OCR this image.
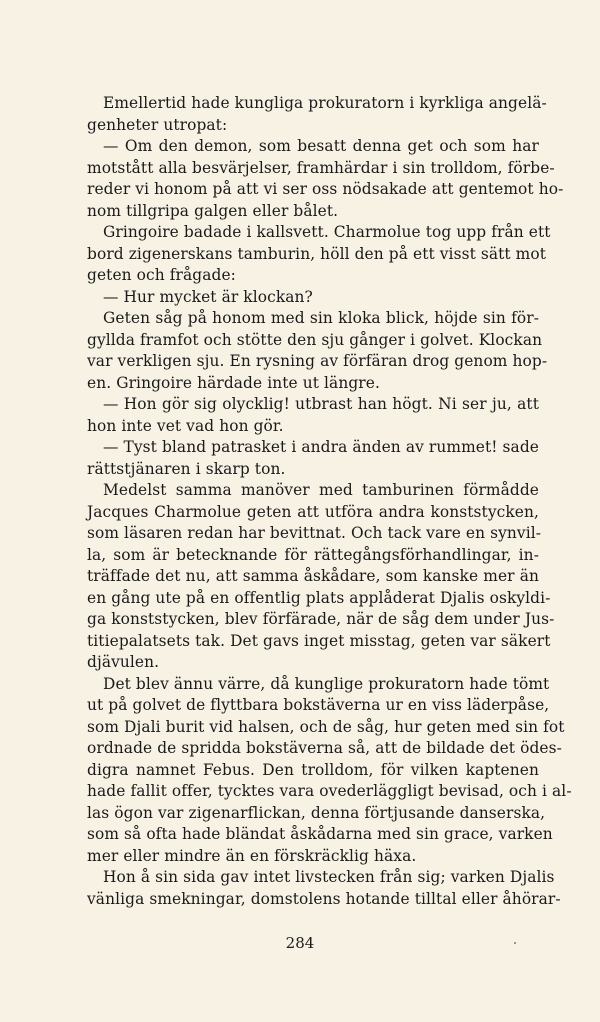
Emellertid hade kungliga prokuratorn i kyrkliga angelä-
genheter utropat:
— Om den demon, som besatt denna get och som har
motstått alla besvärjelser, framhärdar i sin trolldom, förbe-
reder vi honom på att vi ser oss nödsakade att gentemot ho-
nom tillgripa galgen eller bålet.
Gringoire badade i kallsvett. Charmolue tog upp från ett
bord zigenerskans tamburin, höll den på ett visst sätt mot
geten och frågade:
— Hur mycket är klockan?
Geten såg på honom med sin kloka blick, höjde sin för-
gyllda framfot och stötte den sju gånger i golvet. Klockan
var verkligen sju. En rysning av förfäran drog genom hop-
en. Gringoire härdade inte ut längre.
— Hon gör sig olycklig! utbrast han högt. Ni ser ju, att
hon inte vet vad hon gör.
— Tyst bland patrasket i andra änden av rummet! sade
rättstjänaren i skarp ton.
Medelst samma manöver med tamburinen förmådde
Jacques Charmolue geten att utföra andra konststycken,
som läsaren redan har bevittnat. Och tack vare en synvil-
la, som är betecknande för rättegångsförhandlingar, in-
träffade det nu, att samma åskådare, som kanske mer än
en gång ute på en offentlig plats applåderat Djalis oskyldi-
ga konststycken, blev förfärade, när de såg dem under Jus-
titiepalatsets tak. Det gavs inget misstag, geten var säkert
djävulen.
Det blev ännu värre, då kunglige prokuratorn hade tömt
ut på golvet de flyttbara bokstäverna ur en viss läderpåse,
som Djali burit vid halsen, och de såg, hur geten med sin fot
ordnade de spridda bokstäverna så, att de bildade det ödes-
digra namnet Febus. Den trolldom, för vilken kaptenen
hade fallit offer, tycktes vara ovederläggligt bevisad, och i al-
las ögon var zigenarflickan, denna förtjusande danserska,
som så ofta hade bländat åskådarna med sin grace, varken
mer eller mindre än en förskräcklig häxa.
Hon å sin sida gav intet livstecken från sig; varken Djalis
vänliga smekningar, domstolens hotande tilltal eller åhörar-
284
